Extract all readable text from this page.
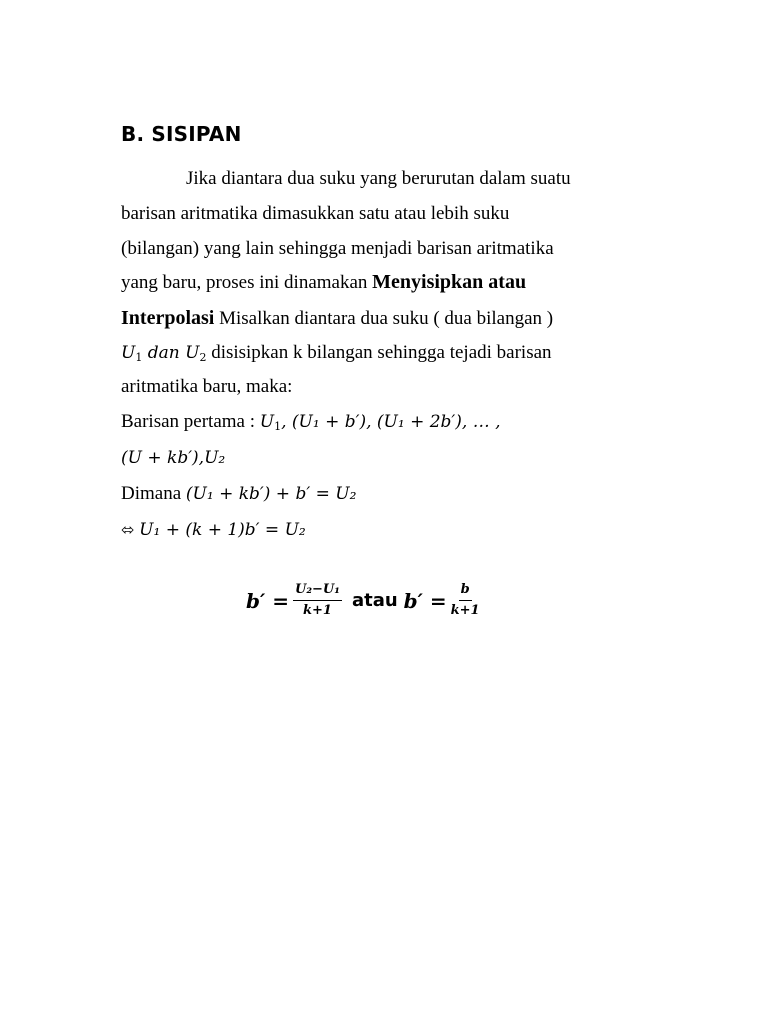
B. SISIPAN
Jika diantara dua suku yang berurutan dalam suatu
barisan aritmatika dimasukkan satu atau lebih suku
(bilangan) yang lain sehingga menjadi barisan aritmatika
yang baru, proses ini dinamakan Menyisipkan atau
Interpolasi Misalkan diantara dua suku ( dua bilangan )
$U_1$ dan $U_2$ disisipkan k bilangan sehingga tejadi barisan
aritmatika baru, maka:
Barisan pertama : $U_1$, (U₁ + b′), (U₁ + 2b′), … ,
(U + kb′),U₂
Dimana (U₁ + kb′) + b′ = U₂
⬄ U₁ + (k + 1)b′ = U₂
$b' = \frac{\text{U₂−U₁}}{k+1}$ atau $b' = \frac{b}{k+1}$
